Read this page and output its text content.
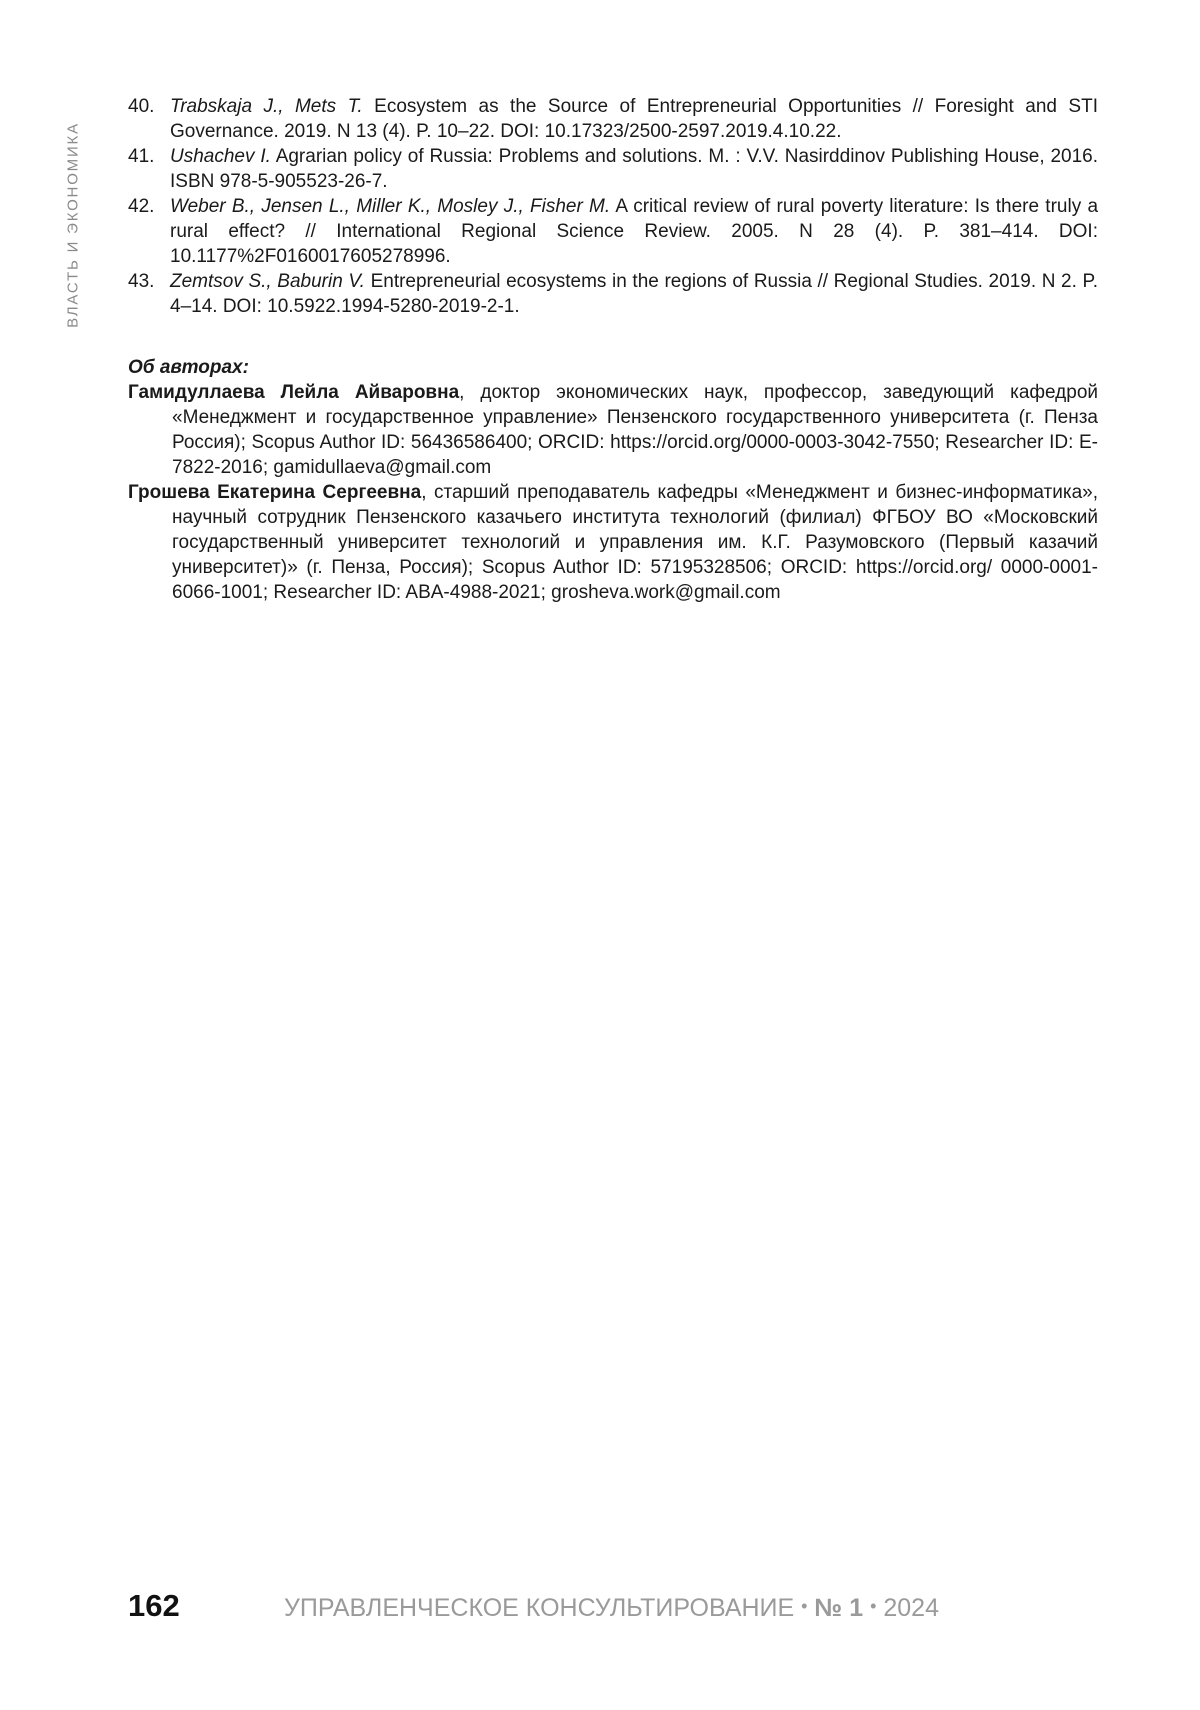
ВЛАСТЬ И ЭКОНОМИКА
40. Trabskaja J., Mets T. Ecosystem as the Source of Entrepreneurial Opportunities // Foresight and STI Governance. 2019. N 13 (4). P. 10–22. DOI: 10.17323/2500-2597.2019.4.10.22.
41. Ushachev I. Agrarian policy of Russia: Problems and solutions. M. : V.V. Nasirddinov Publishing House, 2016. ISBN 978-5-905523-26-7.
42. Weber B., Jensen L., Miller K., Mosley J., Fisher M. A critical review of rural poverty literature: Is there truly a rural effect? // International Regional Science Review. 2005. N 28 (4). P. 381–414. DOI: 10.1177%2F0160017605278996.
43. Zemtsov S., Baburin V. Entrepreneurial ecosystems in the regions of Russia // Regional Studies. 2019. N 2. P. 4–14. DOI: 10.5922.1994-5280-2019-2-1.
Об авторах:
Гамидуллаева Лейла Айваровна, доктор экономических наук, профессор, заведующий кафедрой «Менеджмент и государственное управление» Пензенского государственного университета (г. Пенза Россия); Scopus Author ID: 56436586400; ORCID: https://orcid.org/0000-0003-3042-7550; Researcher ID: E-7822-2016; gamidullaeva@gmail.com
Грошева Екатерина Сергеевна, старший преподаватель кафедры «Менеджмент и бизнес-информатика», научный сотрудник Пензенского казачьего института технологий (филиал) ФГБОУ ВО «Московский государственный университет технологий и управления им. К.Г. Разумовского (Первый казачий университет)» (г. Пенза, Россия); Scopus Author ID: 57195328506; ORCID: https://orcid.org/ 0000-0001-6066-1001; Researcher ID: ABA-4988-2021; grosheva.work@gmail.com
162	УПРАВЛЕНЧЕСКОЕ КОНСУЛЬТИРОВАНИЕ • № 1 • 2024
